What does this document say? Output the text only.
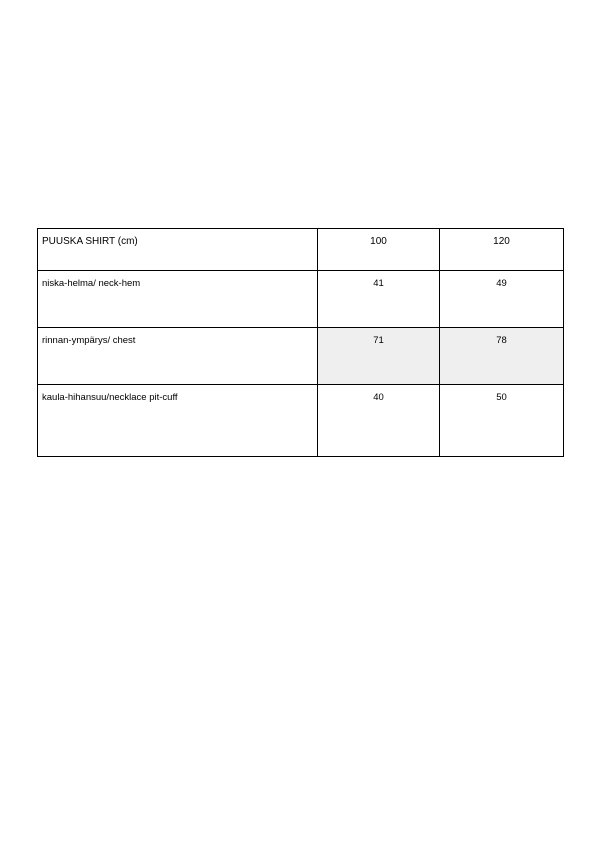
PUUSKA SHIRT (cm)	100	120
niska-helma/ neck-hem	41	49
rinnan-ympärys/ chest	71	78
kaula-hihansuu/necklace pit-cuff	40	50
